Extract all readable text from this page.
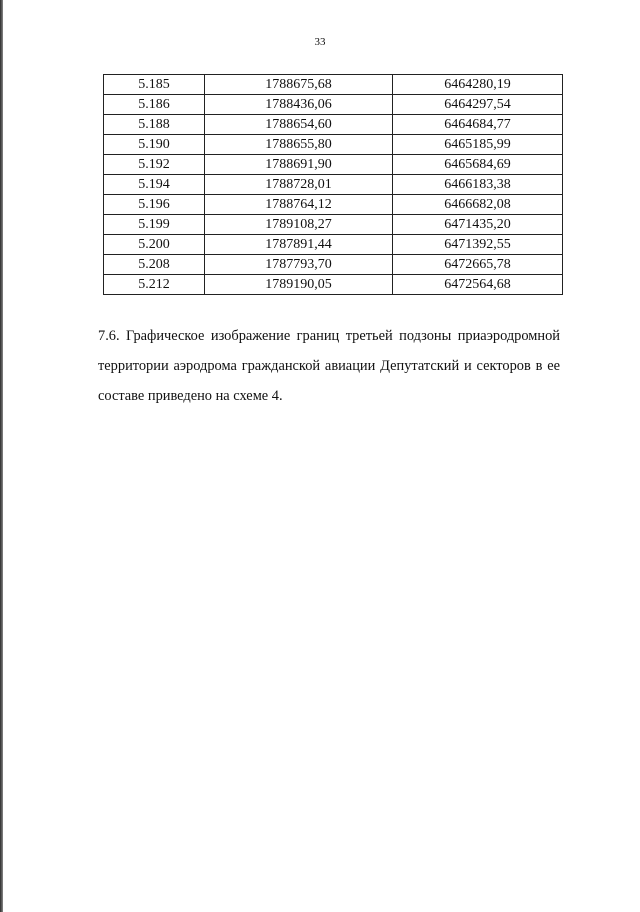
33
5.185	1788675,68	6464280,19
5.186	1788436,06	6464297,54
5.188	1788654,60	6464684,77
5.190	1788655,80	6465185,99
5.192	1788691,90	6465684,69
5.194	1788728,01	6466183,38
5.196	1788764,12	6466682,08
5.199	1789108,27	6471435,20
5.200	1787891,44	6471392,55
5.208	1787793,70	6472665,78
5.212	1789190,05	6472564,68
7.6. Графическое изображение границ третьей подзоны приаэродромной территории аэродрома гражданской авиации Депутатский и секторов в ее составе приведено на схеме 4.
